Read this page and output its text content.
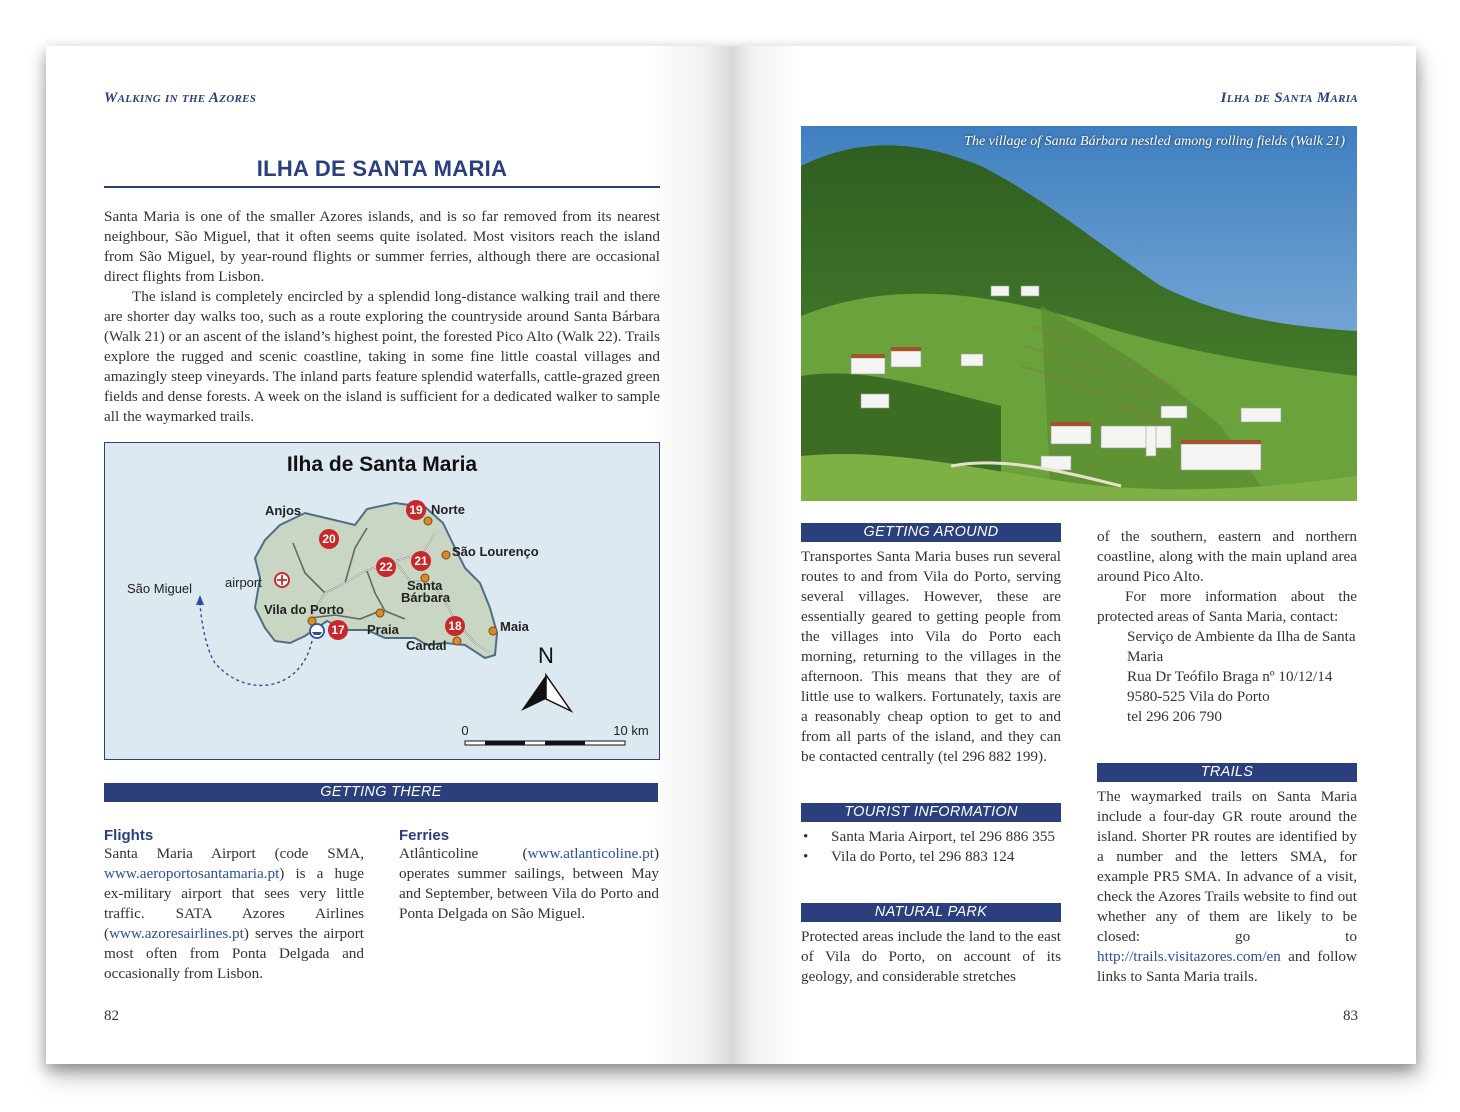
Walking in the Azores
ILHA DE SANTA MARIA

Santa Maria is one of the smaller Azores islands, and is so far removed from its nearest neighbour, São Miguel, that it often seems quite isolated. Most visitors reach the island from São Miguel, by year-round flights or summer ferries, although there are occasional direct flights from Lisbon.

The island is completely encircled by a splendid long-distance walking trail and there are shorter day walks too, such as a route exploring the countryside around Santa Bárbara (Walk 21) or an ascent of the island’s highest point, the forested Pico Alto (Walk 22). Trails explore the rugged and scenic coastline, taking in some fine little coastal villages and amazingly steep vineyards. The inland parts feature splendid waterfalls, cattle-grazed green fields and dense forests. A week on the island is sufficient for a dedicated walker to sample all the waymarked trails.

Ilha de Santa Maria
17	18
19
20
21
22
Anjos	Norte
São Lourenço
São Miguel	airport
Vila do Porto
Santa
Bárbara
Praia	Maia
Cardal	N
0	10 km
GETTING THERE
Flights
Santa Maria Airport (code SMA, www.aeroportosantamaria.pt) is a huge ex-military airport that sees very little traffic. SATA Azores Airlines (www.azoresairlines.pt) serves the airport most often from Ponta Delgada and occasionally from Lisbon.
Ferries
Atlânticoline (www.atlanticoline.pt) operates summer sailings, between May and September, between Vila do Porto and Ponta Delgada on São Miguel.
82
Ilha de Santa Maria
The village of Santa Bárbara nestled among rolling fields (Walk 21)
GETTING AROUND
Transportes Santa Maria buses run several routes to and from Vila do Porto, serving several villages. However, these are essentially geared to getting people from the villages into Vila do Porto each morning, returning to the villages in the afternoon. This means that they are of little use to walkers. Fortunately, taxis are a reasonably cheap option to get to and from all parts of the island, and they can be contacted centrally (tel 296 882 199).
TOURIST INFORMATION
• Santa Maria Airport, tel 296 886 355
• Vila do Porto, tel 296 883 124
NATURAL PARK
Protected areas include the land to the east of Vila do Porto, on account of its geology, and considerable stretches

of the southern, eastern and northern coastline, along with the main upland area around Pico Alto.

For more information about the protected areas of Santa Maria, contact:

Serviço de Ambiente da Ilha de Santa Maria

Rua Dr Teófilo Braga nº 10/12/14

9580-525 Vila do Porto

tel 296 206 790

TRAILS
The waymarked trails on Santa Maria include a four-day GR route around the island. Shorter PR routes are identified by a number and the letters SMA, for example PR5 SMA. In advance of a visit, check the Azores Trails website to find out whether any of them are likely to be closed: go to http://trails.visitazores.com/en and follow links to Santa Maria trails.
83
